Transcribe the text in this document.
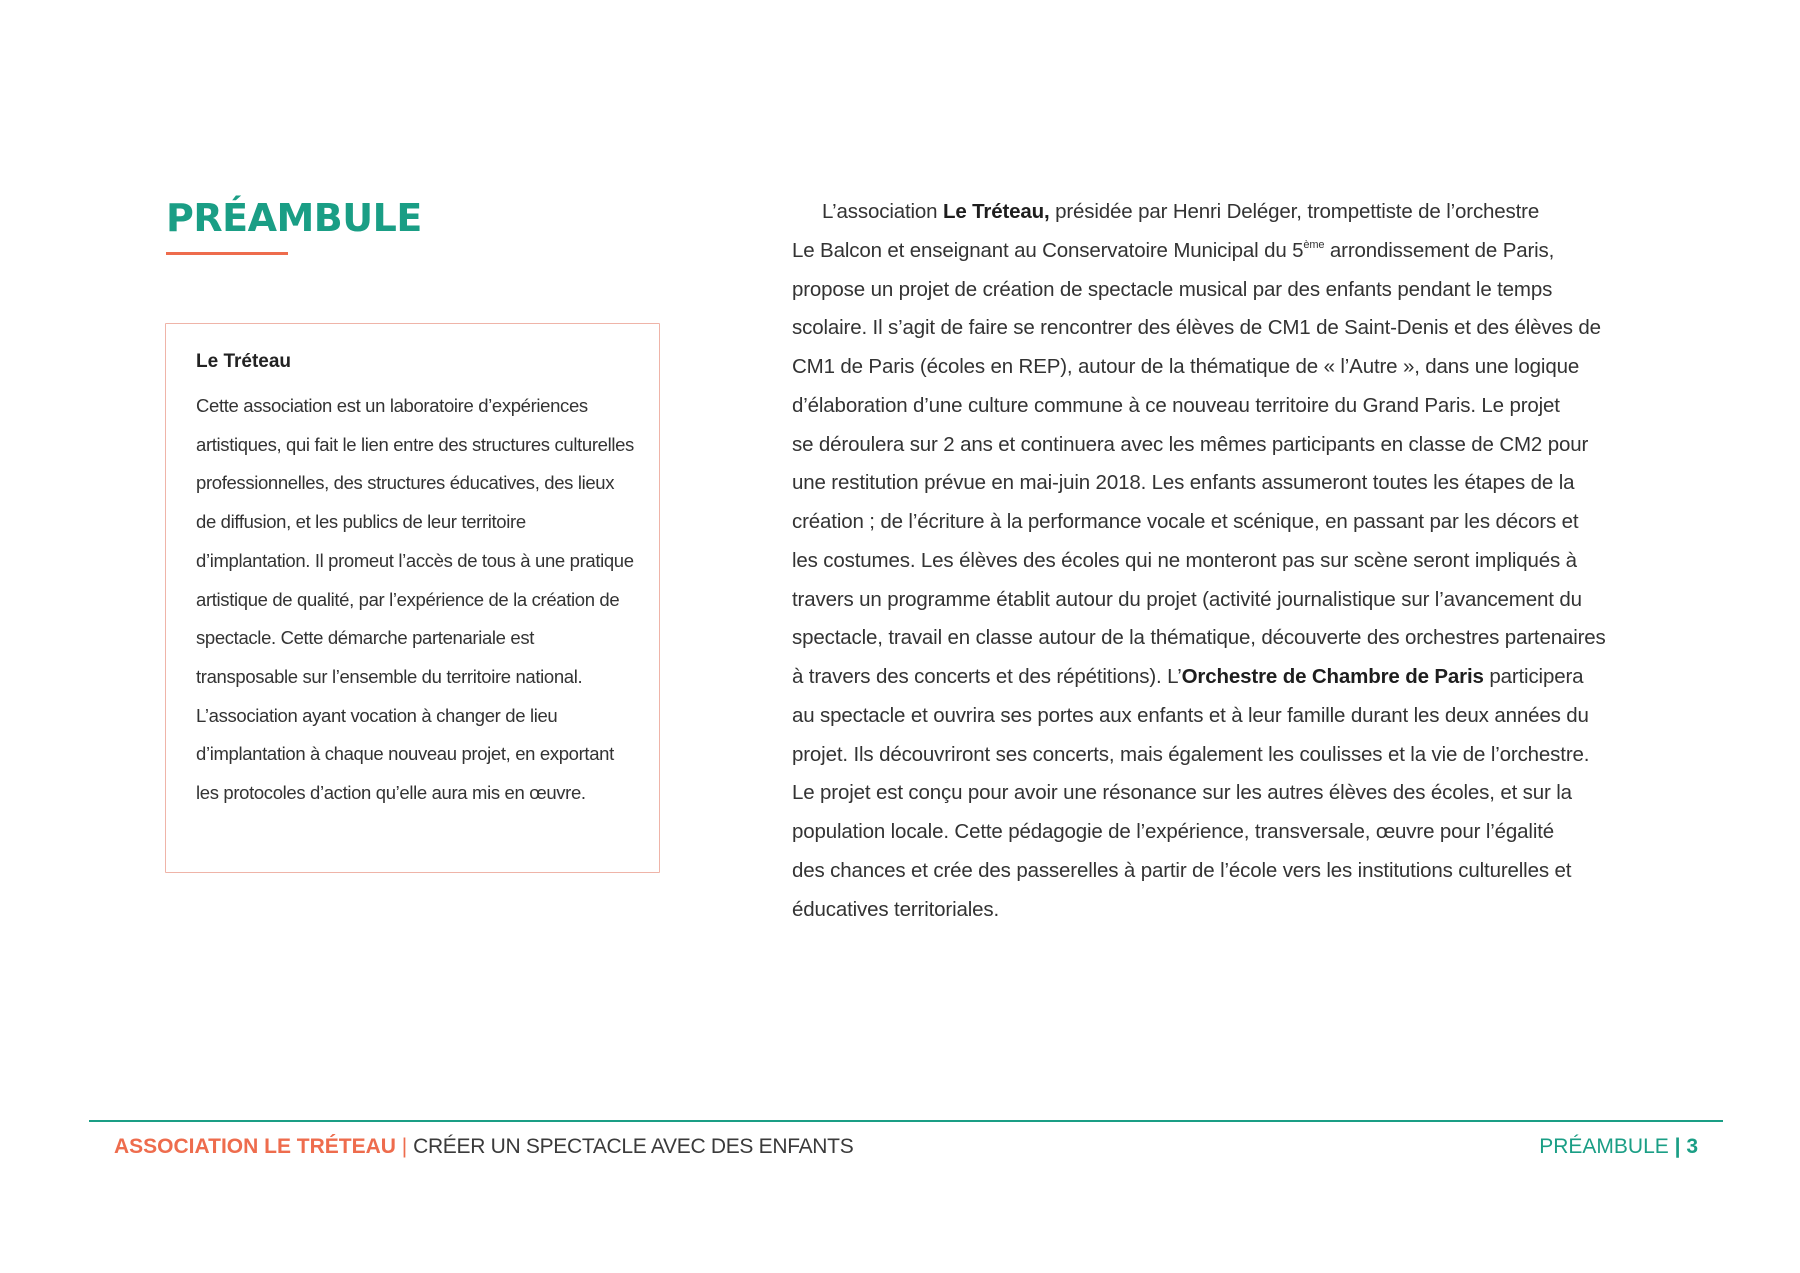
PRÉAMBULE
Le Tréteau

Cette association est un laboratoire d’expériences artistiques, qui fait le lien entre des structures culturelles professionnelles, des structures éducatives, des lieux de diffusion, et les publics de leur territoire d’implantation. Il promeut l’accès de tous à une pratique artistique de qualité, par l’expérience de la création de spectacle. Cette démarche partenariale est transposable sur l’ensemble du territoire national. L’association ayant vocation à changer de lieu d’implantation à chaque nouveau projet, en exportant les protocoles d’action qu’elle aura mis en œuvre.

L’association Le Tréteau, présidée par Henri Deléger, trompettiste de l’orchestre
Le Balcon et enseignant au Conservatoire Municipal du 5ème arrondissement de Paris,
propose un projet de création de spectacle musical par des enfants pendant le temps
scolaire. Il s’agit de faire se rencontrer des élèves de CM1 de Saint-Denis et des élèves de
CM1 de Paris (écoles en REP), autour de la thématique de « l’Autre », dans une logique
d’élaboration d’une culture commune à ce nouveau territoire du Grand Paris. Le projet
se déroulera sur 2 ans et continuera avec les mêmes participants en classe de CM2 pour
une restitution prévue en mai-juin 2018. Les enfants assumeront toutes les étapes de la
création ; de l’écriture à la performance vocale et scénique, en passant par les décors et
les costumes. Les élèves des écoles qui ne monteront pas sur scène seront impliqués à
travers un programme établit autour du projet (activité journalistique sur l’avancement du
spectacle, travail en classe autour de la thématique, découverte des orchestres partenaires
à travers des concerts et des répétitions). L’Orchestre de Chambre de Paris participera
au spectacle et ouvrira ses portes aux enfants et à leur famille durant les deux années du
projet. Ils découvriront ses concerts, mais également les coulisses et la vie de l’orchestre.
Le projet est conçu pour avoir une résonance sur les autres élèves des écoles, et sur la
population locale. Cette pédagogie de l’expérience, transversale, œuvre pour l’égalité
des chances et crée des passerelles à partir de l’école vers les institutions culturelles et
éducatives territoriales.

ASSOCIATION LE TRÉTEAU | CRÉER UN SPECTACLE AVEC DES ENFANTS	PRÉAMBULE | 3
